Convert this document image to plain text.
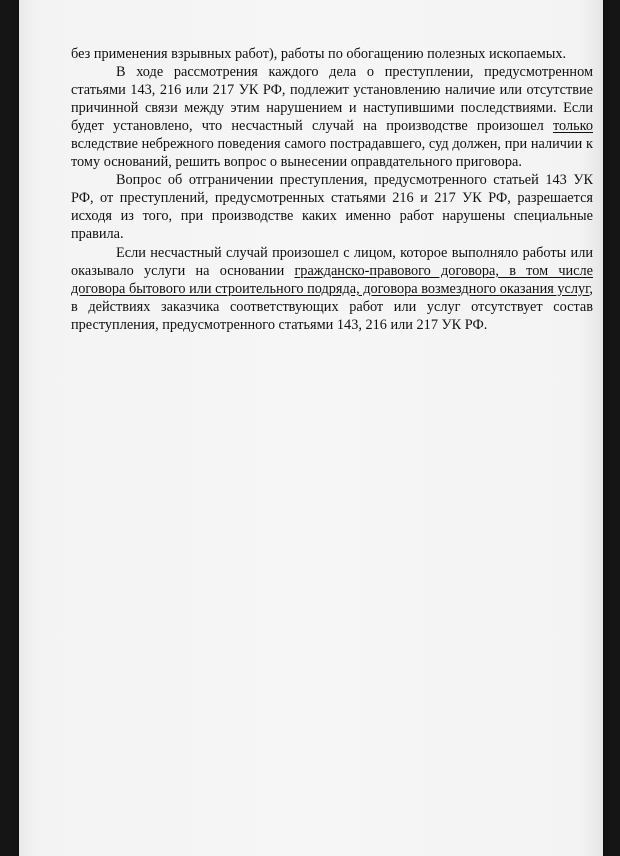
без применения взрывных работ), работы по обогащению полезных ископаемых.

В ходе рассмотрения каждого дела о преступлении, предусмотренном статьями 143, 216 или 217 УК РФ, подлежит установлению наличие или отсутствие причинной связи между этим нарушением и наступившими последствиями. Если будет установлено, что несчастный случай на производстве произошел только вследствие небрежного поведения самого пострадавшего, суд должен, при наличии к тому оснований, решить вопрос о вынесении оправдательного приговора.

Вопрос об отграничении преступления, предусмотренного статьей 143 УК РФ, от преступлений, предусмотренных статьями 216 и 217 УК РФ, разрешается исходя из того, при производстве каких именно работ нарушены специальные правила.

Если несчастный случай произошел с лицом, которое выполняло работы или оказывало услуги на основании гражданско-правового договора, в том числе договора бытового или строительного подряда, договора возмездного оказания услуг, в действиях заказчика соответствующих работ или услуг отсутствует состав преступления, предусмотренного статьями 143, 216 или 217 УК РФ.
